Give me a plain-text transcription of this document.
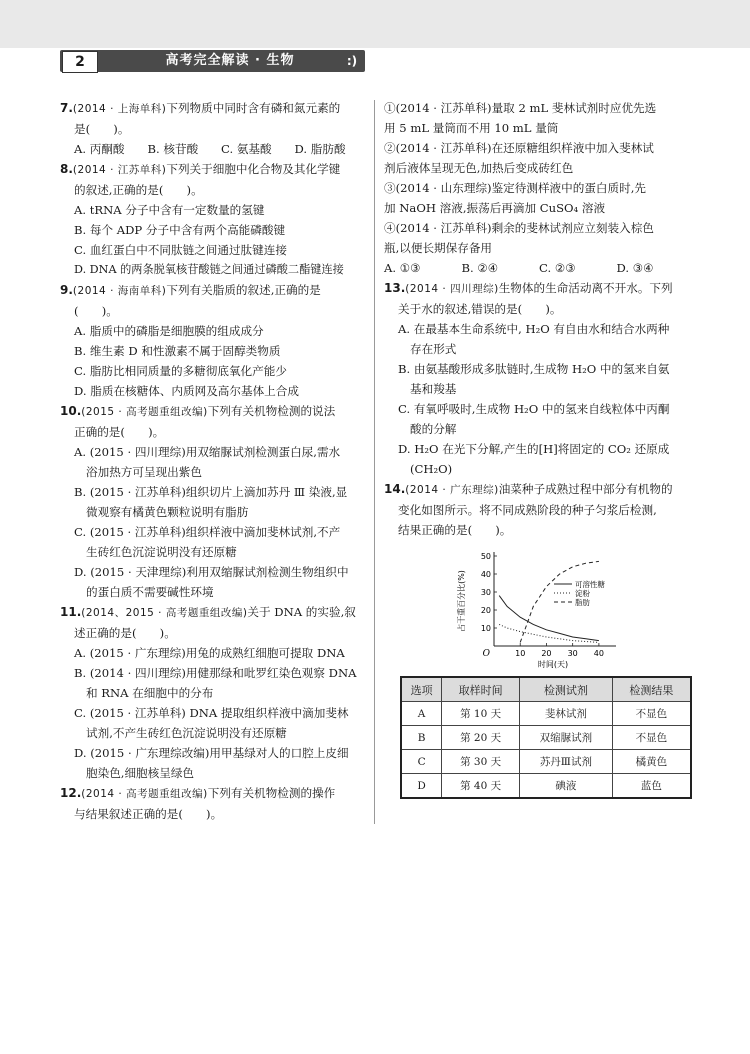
2	高考完全解读 · 生物	:)

7.(2014 · 上海单科)下列物质中同时含有磷和氮元素的

是(　　)。

A. 丙酮酸	B. 核苷酸	C. 氨基酸	D. 脂肪酸

8.(2014 · 江苏单科)下列关于细胞中化合物及其化学键

的叙述,正确的是(　　)。

A. tRNA 分子中含有一定数量的氢键

B. 每个 ADP 分子中含有两个高能磷酸键

C. 血红蛋白中不同肽链之间通过肽键连接

D. DNA 的两条脱氧核苷酸链之间通过磷酸二酯键连接

9.(2014 · 海南单科)下列有关脂质的叙述,正确的是

(　　)。

A. 脂质中的磷脂是细胞膜的组成成分

B. 维生素 D 和性激素不属于固醇类物质

C. 脂肪比相同质量的多糖彻底氧化产能少

D. 脂质在核糖体、内质网及高尔基体上合成

10.(2015 · 高考题重组改编)下列有关机物检测的说法

正确的是(　　)。

A. (2015 · 四川理综)用双缩脲试剂检测蛋白尿,需水

浴加热方可呈现出紫色

B. (2015 · 江苏单科)组织切片上滴加苏丹 Ⅲ 染液,显

微观察有橘黄色颗粒说明有脂肪

C. (2015 · 江苏单科)组织样液中滴加斐林试剂,不产

生砖红色沉淀说明没有还原糖

D. (2015 · 天津理综)利用双缩脲试剂检测生物组织中

的蛋白质不需要碱性环境

11.(2014、2015 · 高考题重组改编)关于 DNA 的实验,叙

述正确的是(　　)。

A. (2015 · 广东理综)用兔的成熟红细胞可提取 DNA

B. (2014 · 四川理综)用健那绿和吡罗红染色观察 DNA

和 RNA 在细胞中的分布

C. (2015 · 江苏单科) DNA 提取组织样液中滴加斐林

试剂,不产生砖红色沉淀说明没有还原糖

D. (2015 · 广东理综改编)用甲基绿对人的口腔上皮细

胞染色,细胞核呈绿色

12.(2014 · 高考题重组改编)下列有关机物检测的操作

与结果叙述正确的是(　　)。

①(2014 · 江苏单科)量取 2 mL 斐林试剂时应优先选

用 5 mL 量筒而不用 10 mL 量筒

②(2014 · 江苏单科)在还原糖组织样液中加入斐林试

剂后液体呈现无色,加热后变成砖红色

③(2014 · 山东理综)鉴定待测样液中的蛋白质时,先

加 NaOH 溶液,振荡后再滴加 CuSO₄ 溶液

④(2014 · 江苏单科)剩余的斐林试剂应立刻装入棕色

瓶,以便长期保存备用

A. ①③	B. ②④	C. ②③	D. ③④

13.(2014 · 四川理综)生物体的生命活动离不开水。下列

关于水的叙述,错误的是(　　)。

A. 在最基本生命系统中, H₂O 有自由水和结合水两种

存在形式

B. 由氨基酸形成多肽链时,生成物 H₂O 中的氢来自氨

基和羧基

C. 有氧呼吸时,生成物 H₂O 中的氢来自线粒体中丙酮

酸的分解

D. H₂O 在光下分解,产生的[H]将固定的 CO₂ 还原成

(CH₂O)

14.(2014 · 广东理综)油菜种子成熟过程中部分有机物的

变化如图所示。将不同成熟阶段的种子匀浆后检测,

结果正确的是(　　)。

10
20
30
40
50
10 20 30 40
O
时间(天)
占干重百分比(%)	可溶性糖
淀粉
脂肪
选项	取样时间	检测试剂	检测结果
A	第 10 天	斐林试剂	不显色
B	第 20 天	双缩脲试剂	不显色
C	第 30 天	苏丹Ⅲ试剂	橘黄色
D	第 40 天	碘液	蓝色
